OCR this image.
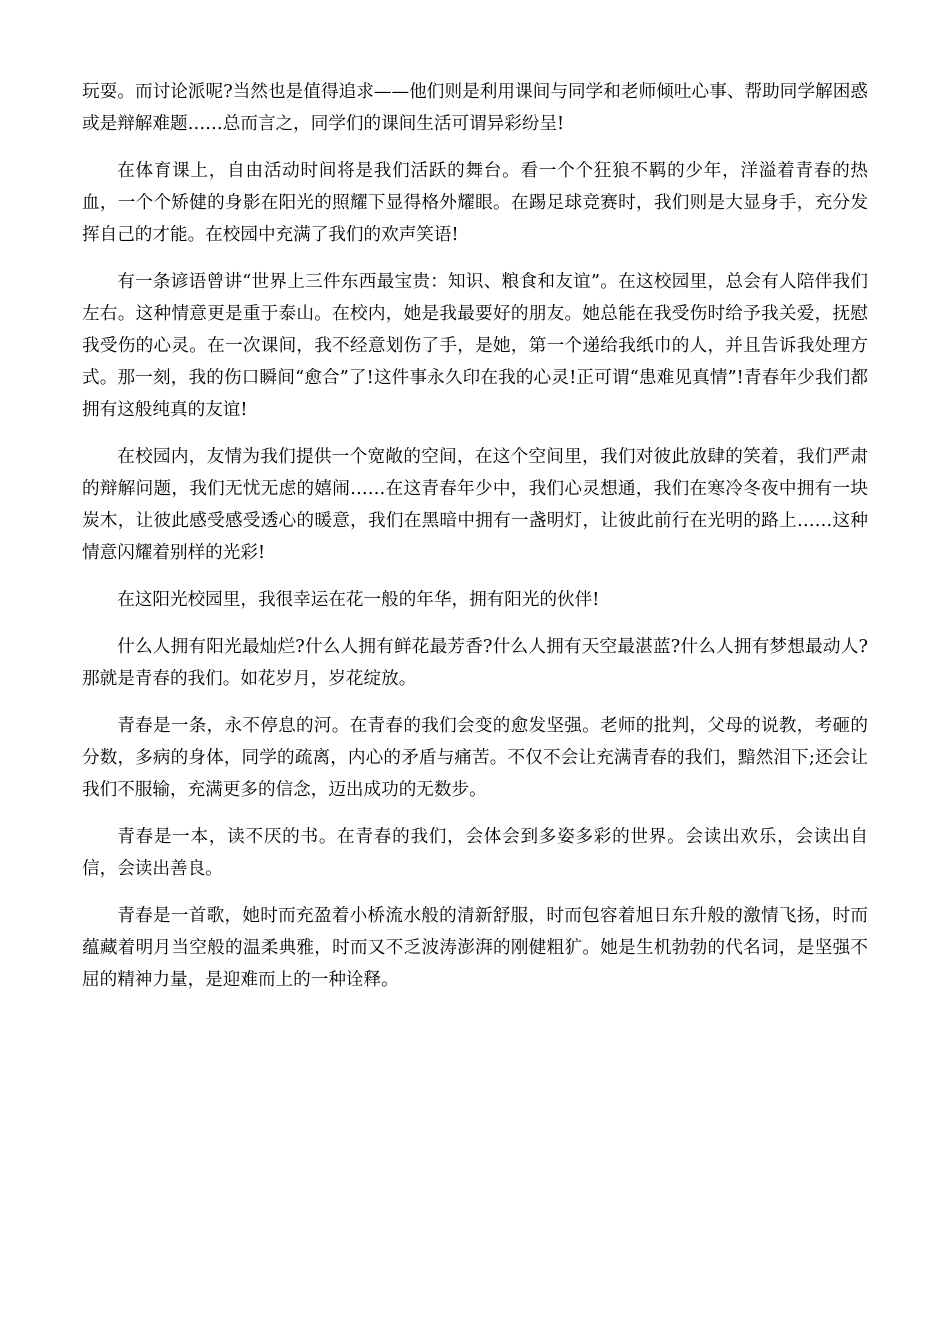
玩耍。而讨论派呢?当然也是值得追求——他们则是利用课间与同学和老师倾吐心事、帮助同学解困惑或是辩解难题……总而言之，同学们的课间生活可谓异彩纷呈!

在体育课上，自由活动时间将是我们活跃的舞台。看一个个狂狼不羁的少年，洋溢着青春的热血，一个个矫健的身影在阳光的照耀下显得格外耀眼。在踢足球竞赛时，我们则是大显身手，充分发挥自己的才能。在校园中充满了我们的欢声笑语!

有一条谚语曾讲“世界上三件东西最宝贵：知识、粮食和友谊”。在这校园里，总会有人陪伴我们左右。这种情意更是重于泰山。在校内，她是我最要好的朋友。她总能在我受伤时给予我关爱，抚慰我受伤的心灵。在一次课间，我不经意划伤了手，是她，第一个递给我纸巾的人，并且告诉我处理方式。那一刻，我的伤口瞬间“愈合”了!这件事永久印在我的心灵!正可谓“患难见真情”!青春年少我们都拥有这般纯真的友谊!

在校园内，友情为我们提供一个宽敞的空间，在这个空间里，我们对彼此放肆的笑着，我们严肃的辩解问题，我们无忧无虑的嬉闹……在这青春年少中，我们心灵想通，我们在寒冷冬夜中拥有一块炭木，让彼此感受感受透心的暖意，我们在黑暗中拥有一盏明灯，让彼此前行在光明的路上……这种情意闪耀着别样的光彩!

在这阳光校园里，我很幸运在花一般的年华，拥有阳光的伙伴!

什么人拥有阳光最灿烂?什么人拥有鲜花最芳香?什么人拥有天空最湛蓝?什么人拥有梦想最动人?那就是青春的我们。如花岁月，岁花绽放。

青春是一条，永不停息的河。在青春的我们会变的愈发坚强。老师的批判，父母的说教，考砸的分数，多病的身体，同学的疏离，内心的矛盾与痛苦。不仅不会让充满青春的我们，黯然泪下;还会让我们不服输，充满更多的信念，迈出成功的无数步。

青春是一本，读不厌的书。在青春的我们，会体会到多姿多彩的世界。会读出欢乐，会读出自信，会读出善良。

青春是一首歌，她时而充盈着小桥流水般的清新舒服，时而包容着旭日东升般的激情飞扬，时而蕴藏着明月当空般的温柔典雅，时而又不乏波涛澎湃的刚健粗犷。她是生机勃勃的代名词，是坚强不屈的精神力量，是迎难而上的一种诠释。
